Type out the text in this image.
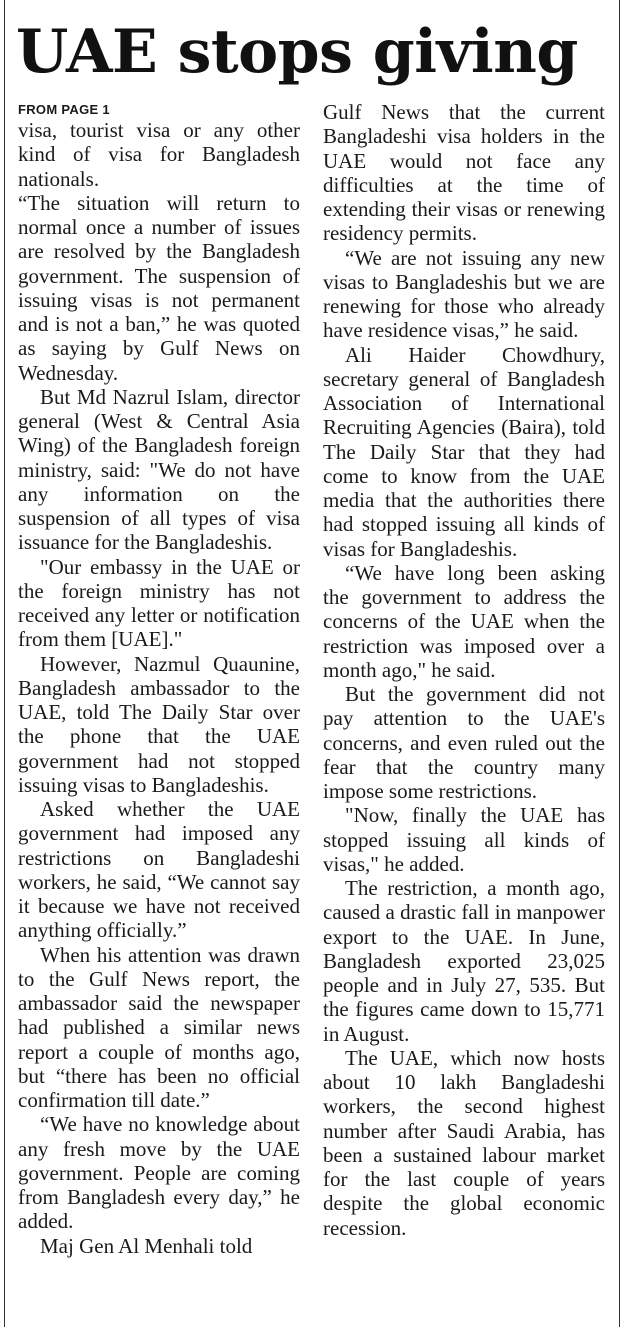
UAE stops giving
FROM PAGE 1

visa, tourist visa or any other kind of visa for Bangladesh nationals.

“The situation will return to normal once a number of issues are resolved by the Bangladesh government. The suspension of issuing visas is not permanent and is not a ban,” he was quoted as saying by Gulf News on Wednesday.

But Md Nazrul Islam, director general (West & Central Asia Wing) of the Bangladesh foreign ministry, said: "We do not have any information on the suspension of all types of visa issuance for the Bangladeshis.

"Our embassy in the UAE or the foreign ministry has not received any letter or notification from them [UAE]."

However, Nazmul Quaunine, Bangladesh ambassador to the UAE, told The Daily Star over the phone that the UAE government had not stopped issuing visas to Bangladeshis.

Asked whether the UAE government had imposed any restrictions on Bangladeshi workers, he said, “We cannot say it because we have not received anything officially.”

When his attention was drawn to the Gulf News report, the ambassador said the newspaper had published a similar news report a couple of months ago, but “there has been no official confirmation till date.”

“We have no knowledge about any fresh move by the UAE government. People are coming from Bangladesh every day,” he added.

Maj Gen Al Menhali told

Gulf News that the current Bangladeshi visa holders in the UAE would not face any difficulties at the time of extending their visas or renewing residency permits.

“We are not issuing any new visas to Bangladeshis but we are renewing for those who already have residence visas,” he said.

Ali Haider Chowdhury, secretary general of Bangladesh Association of International Recruiting Agencies (Baira), told The Daily Star that they had come to know from the UAE media that the authorities there had stopped issuing all kinds of visas for Bangladeshis.

“We have long been asking the government to address the concerns of the UAE when the restriction was imposed over a month ago," he said.

But the government did not pay attention to the UAE's concerns, and even ruled out the fear that the country many impose some restrictions.

"Now, finally the UAE has stopped issuing all kinds of visas," he added.

The restriction, a month ago, caused a drastic fall in manpower export to the UAE. In June, Bangladesh exported 23,025 people and in July 27, 535. But the figures came down to 15,771 in August.

The UAE, which now hosts about 10 lakh Bangladeshi workers, the second highest number after Saudi Arabia, has been a sustained labour market for the last couple of years despite the global economic recession.
